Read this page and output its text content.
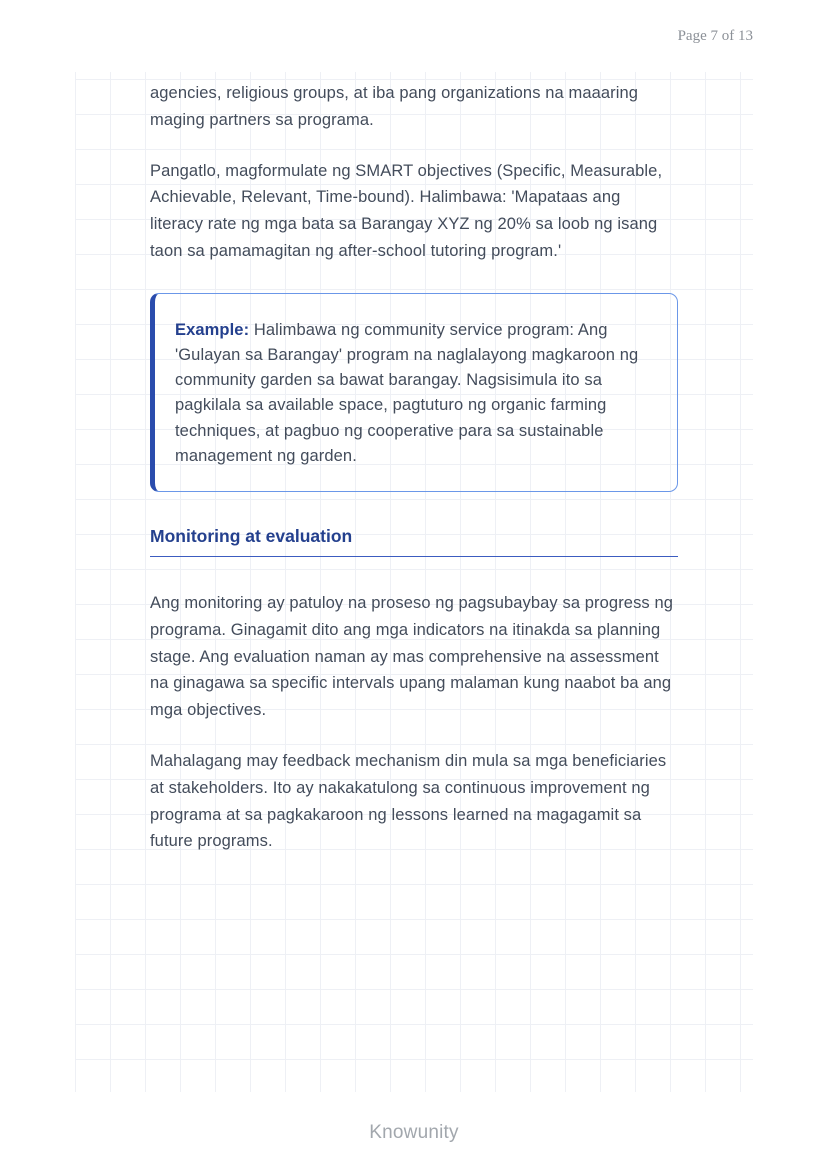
Page 7 of 13

agencies, religious groups, at iba pang organizations na maaaring maging partners sa programa.

Pangatlo, magformulate ng SMART objectives (Specific, Measurable, Achievable, Relevant, Time-bound). Halimbawa: 'Mapataas ang literacy rate ng mga bata sa Barangay XYZ ng 20% sa loob ng isang taon sa pamamagitan ng after-school tutoring program.'

Example: Halimbawa ng community service program: Ang 'Gulayan sa Barangay' program na naglalayong magkaroon ng community garden sa bawat barangay. Nagsisimula ito sa pagkilala sa available space, pagtuturo ng organic farming techniques, at pagbuo ng cooperative para sa sustainable management ng garden.
Monitoring at evaluation

Ang monitoring ay patuloy na proseso ng pagsubaybay sa progress ng programa. Ginagamit dito ang mga indicators na itinakda sa planning stage. Ang evaluation naman ay mas comprehensive na assessment na ginagawa sa specific intervals upang malaman kung naabot ba ang mga objectives.

Mahalagang may feedback mechanism din mula sa mga beneficiaries at stakeholders. Ito ay nakakatulong sa continuous improvement ng programa at sa pagkakaroon ng lessons learned na magagamit sa future programs.

Knowunity
